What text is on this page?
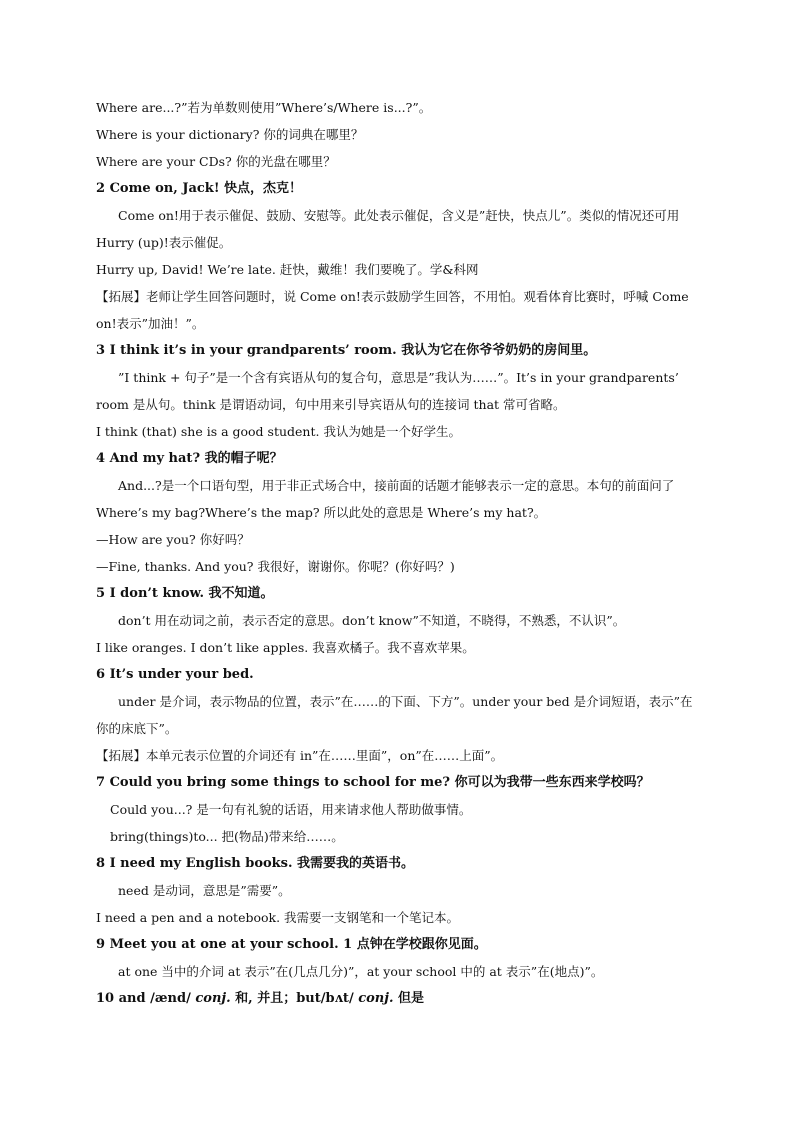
Where are...?”若为单数则使用”Where’s/Where is...?”。
Where is your dictionary? 你的词典在哪里？
Where are your CDs? 你的光盘在哪里？
2 Come on, Jack! 快点，杰克！
Come on!用于表示催促、鼓励、安慰等。此处表示催促，含义是”赶快，快点儿”。类似的情况还可用 Hurry (up)!表示催促。
Hurry up, David! We’re late. 赶快，戴维！我们要晚了。学&科网
【拓展】老师让学生回答问题时，说 Come on!表示鼓励学生回答，不用怕。观看体育比赛时，呼喊 Come on!表示”加油！”。
3 I think it’s in your grandparents’ room. 我认为它在你爷爷奶奶的房间里。
”I think + 句子”是一个含有宾语从句的复合句，意思是”我认为……”。It’s in your grandparents’ room 是从句。think 是谓语动词，句中用来引导宾语从句的连接词 that 常可省略。
I think (that) she is a good student. 我认为她是一个好学生。
4 And my hat? 我的帽子呢？
And...?是一个口语句型，用于非正式场合中，接前面的话题才能够表示一定的意思。本句的前面问了 Where’s my bag?Where’s the map? 所以此处的意思是 Where’s my hat?。
—How are you? 你好吗？
—Fine, thanks. And you? 我很好，谢谢你。你呢？(你好吗？)
5 I don’t know. 我不知道。
don’t 用在动词之前，表示否定的意思。don’t know”不知道，不晓得，不熟悉，不认识”。
I like oranges. I don’t like apples. 我喜欢橘子。我不喜欢苹果。
6 It’s under your bed.
under 是介词，表示物品的位置，表示”在……的下面、下方”。under your bed 是介词短语，表示”在你的床底下”。
【拓展】本单元表示位置的介词还有 in”在……里面”，on”在……上面”。
7 Could you bring some things to school for me? 你可以为我带一些东西来学校吗？
Could you...? 是一句有礼貌的话语，用来请求他人帮助做事情。
bring(things)to... 把(物品)带来给……。
8 I need my English books. 我需要我的英语书。
need 是动词，意思是”需要”。
I need a pen and a notebook. 我需要一支钢笔和一个笔记本。
9 Meet you at one at your school. 1 点钟在学校跟你见面。
at one 当中的介词 at 表示”在(几点几分)”，at your school 中的 at 表示”在(地点)”。
10 and /ænd/ conj. 和, 并且；but/bʌt/ conj. 但是
